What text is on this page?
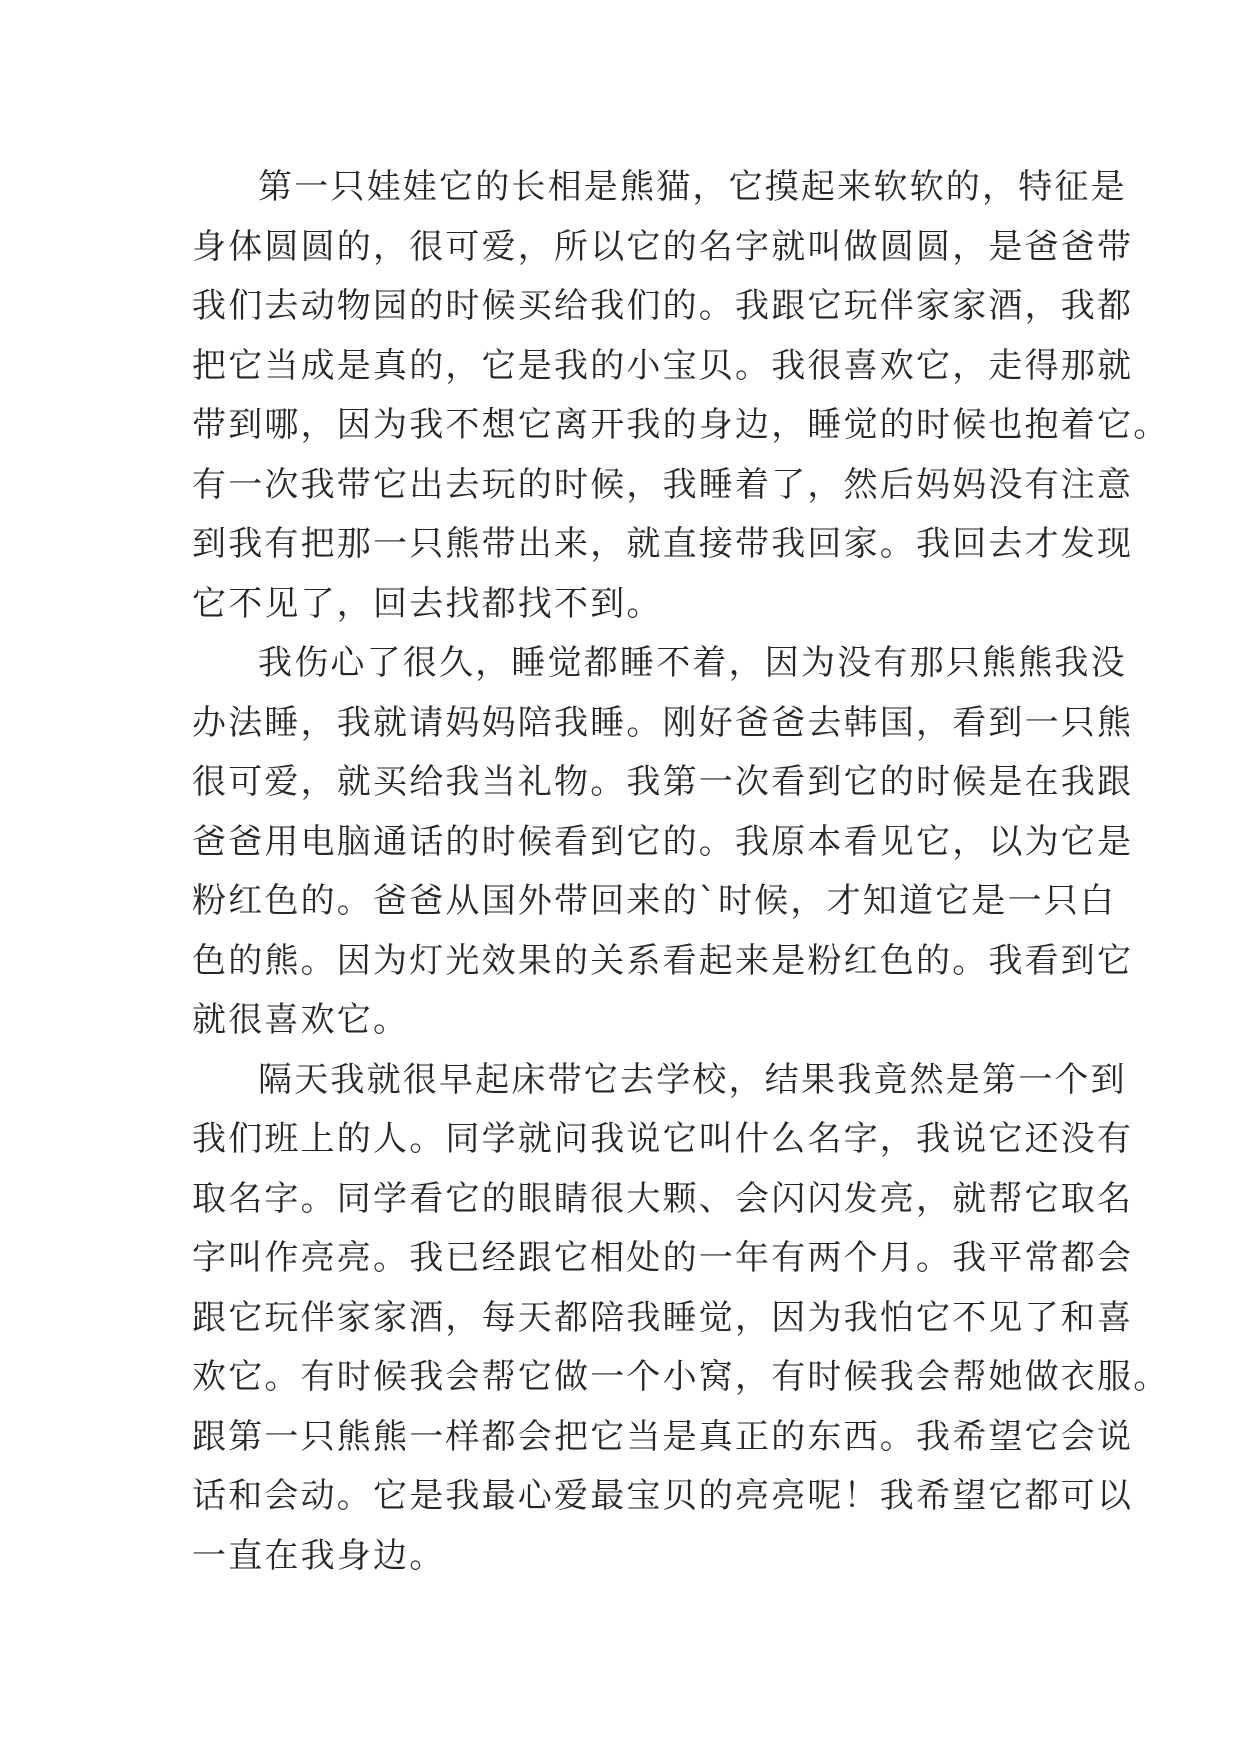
第一只娃娃它的长相是熊猫，它摸起来软软的，特征是
身体圆圆的，很可爱，所以它的名字就叫做圆圆，是爸爸带
我们去动物园的时候买给我们的。我跟它玩伴家家酒，我都
把它当成是真的，它是我的小宝贝。我很喜欢它，走得那就
带到哪，因为我不想它离开我的身边，睡觉的时候也抱着它。
有一次我带它出去玩的时候，我睡着了，然后妈妈没有注意
到我有把那一只熊带出来，就直接带我回家。我回去才发现
它不见了，回去找都找不到。
我伤心了很久，睡觉都睡不着，因为没有那只熊熊我没
办法睡，我就请妈妈陪我睡。刚好爸爸去韩国，看到一只熊
很可爱，就买给我当礼物。我第一次看到它的时候是在我跟
爸爸用电脑通话的时候看到它的。我原本看见它，以为它是
粉红色的。爸爸从国外带回来的`时候，才知道它是一只白
色的熊。因为灯光效果的关系看起来是粉红色的。我看到它
就很喜欢它。
隔天我就很早起床带它去学校，结果我竟然是第一个到
我们班上的人。同学就问我说它叫什么名字，我说它还没有
取名字。同学看它的眼睛很大颗、会闪闪发亮，就帮它取名
字叫作亮亮。我已经跟它相处的一年有两个月。我平常都会
跟它玩伴家家酒，每天都陪我睡觉，因为我怕它不见了和喜
欢它。有时候我会帮它做一个小窝，有时候我会帮她做衣服。
跟第一只熊熊一样都会把它当是真正的东西。我希望它会说
话和会动。它是我最心爱最宝贝的亮亮呢！我希望它都可以
一直在我身边。
